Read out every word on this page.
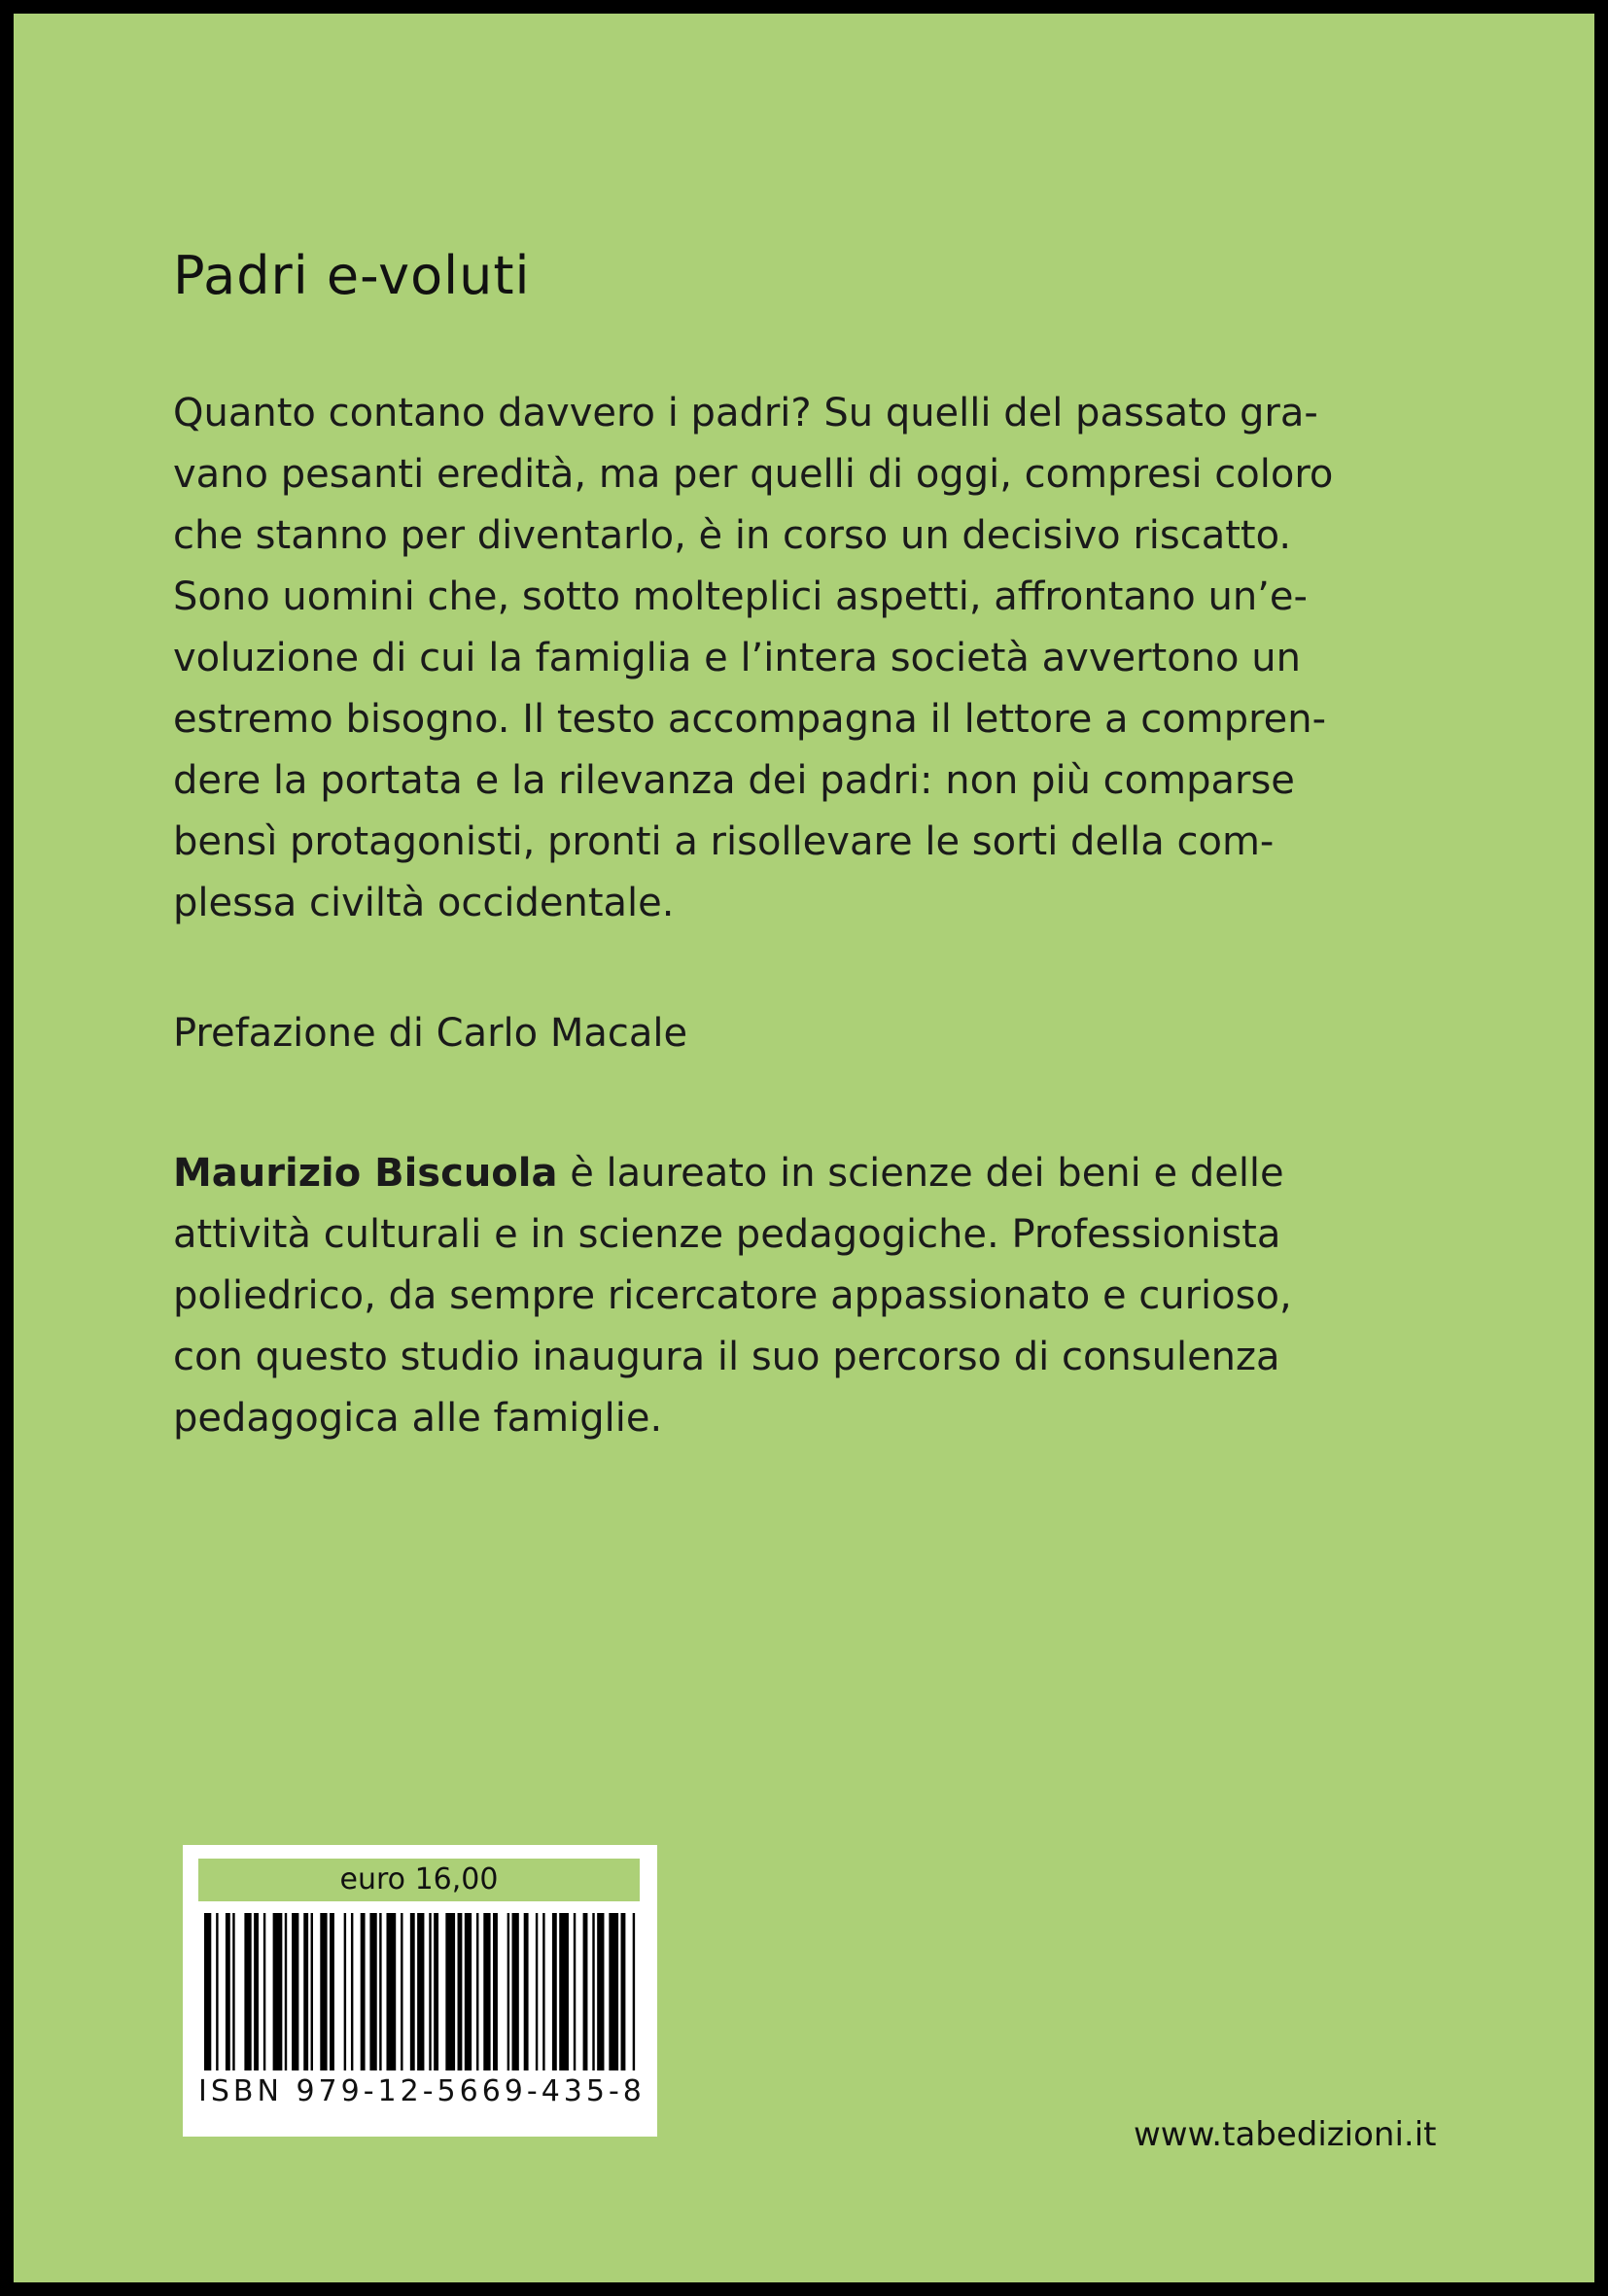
Padri e-voluti
Quanto contano davvero i padri? Su quelli del passato gra-
vano pesanti eredità, ma per quelli di oggi, compresi coloro
che stanno per diventarlo, è in corso un decisivo riscatto.
Sono uomini che, sotto molteplici aspetti, affrontano un’e-
voluzione di cui la famiglia e l’intera società avvertono un
estremo bisogno. Il testo accompagna il lettore a compren-
dere la portata e la rilevanza dei padri: non più comparse
bensì protagonisti, pronti a risollevare le sorti della com-
plessa civiltà occidentale.
Prefazione di Carlo Macale
Maurizio Biscuola è laureato in scienze dei beni e delle
attività culturali e in scienze pedagogiche. Professionista
poliedrico, da sempre ricercatore appassionato e curioso,
con questo studio inaugura il suo percorso di consulenza
pedagogica alle famiglie.
euro 16,00
ISBN 979-12-5669-435-8
www.tabedizioni.it
